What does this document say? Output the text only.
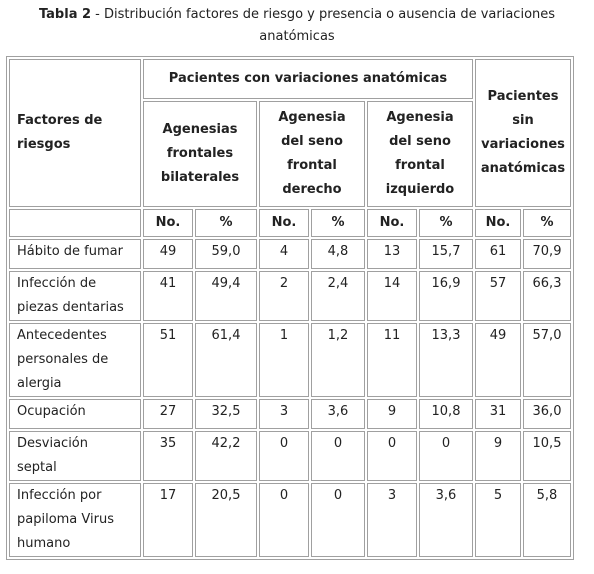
Tabla 2 - Distribución factores de riesgo y presencia o ausencia de variaciones anatómicas
Factores de
riesgos	Pacientes con variaciones anatómicas						Pacientes
sin
variaciones
anatómicas	

	Agenesias
frontales
bilaterales		Agenesia
del seno
frontal
derecho		Agenesia
del seno
frontal
izquierdo			

	No.	%	No.	%	No.	%	No.	%

Hábito de fumar	49	59,0	4	4,8	13	15,7	61	70,9

Infección de
piezas dentarias	41	49,4	2	2,4	14	16,9	57	66,3

Antecedentes
personales de
alergia	51	61,4	1	1,2	11	13,3	49	57,0

Ocupación	27	32,5	3	3,6	9	10,8	31	36,0

Desviación
septal	35	42,2	0	0	0	0	9	10,5

Infección por
papiloma Virus
humano	17	20,5	0	0	3	3,6	5	5,8
